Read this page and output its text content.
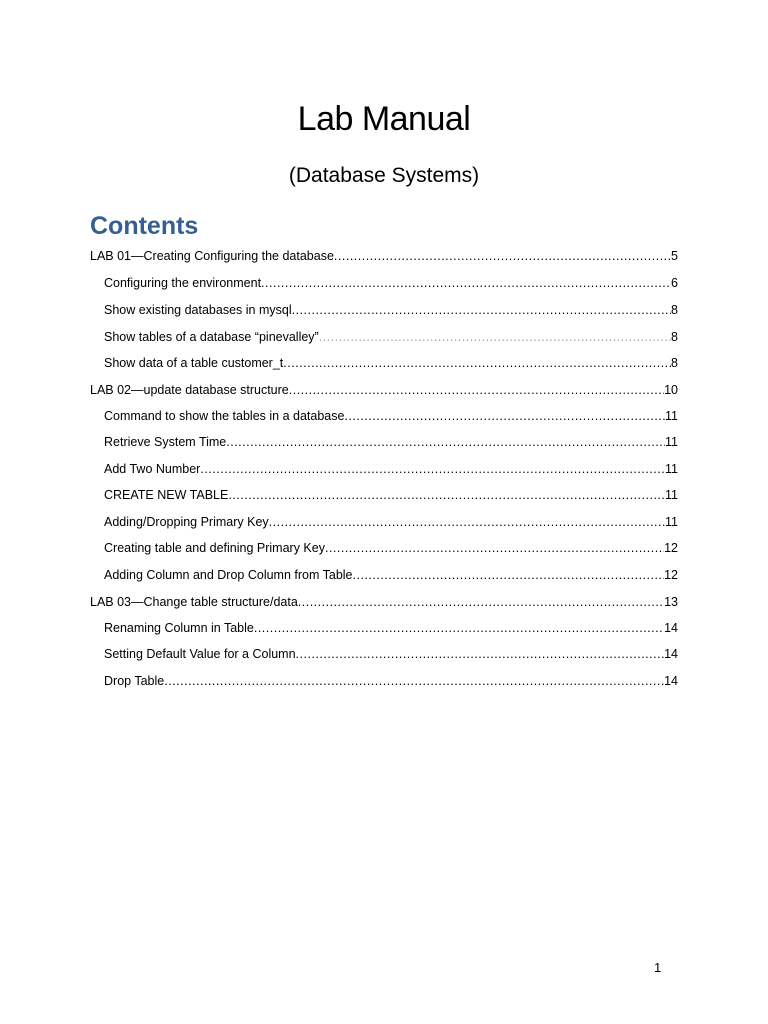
Lab Manual
(Database Systems)
Contents
LAB 01—Creating Configuring the database .....	5
Configuring the environment .....	6
Show existing databases in mysql .....	8
Show tables of a database “pinevalley” .....	8
Show data of a table customer_t .....	8
LAB 02—update database structure .....	10
Command to show the tables in a database .....	11
Retrieve System Time .....	11
Add Two Number .....	11
CREATE NEW TABLE .....	11
Adding/Dropping Primary Key .....	11
Creating table and defining Primary Key .....	12
Adding Column and Drop Column from Table .....	12
LAB 03—Change table structure/data .....	13
Renaming Column in Table .....	14
Setting Default Value for a Column .....	14
Drop Table .....	14
1
